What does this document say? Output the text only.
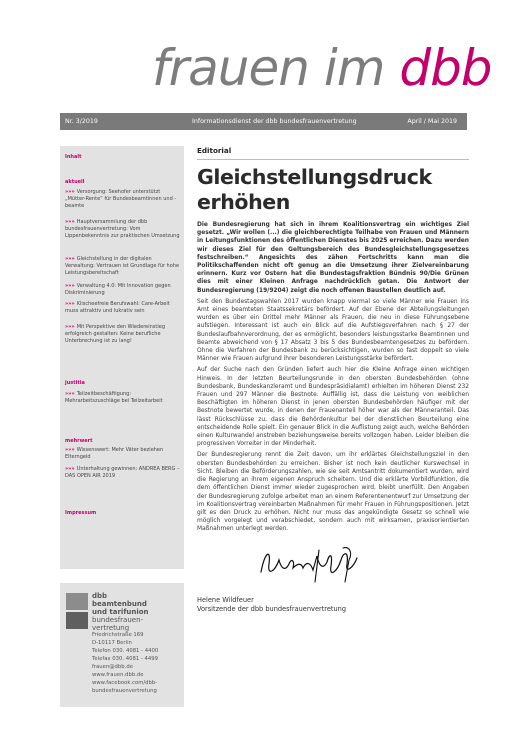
frauen im dbb
Nr. 3/2019	Informationsdienst der dbb bundesfrauenvertretung	April / Mai 2019
Inhalt
aktuell
»»» Versorgung: Seehofer unterstützt „Mütter-Rente“ für Bundesbeamtinnen und -beamte
»»» Hauptversammlung der dbb bundesfrauenvertretung: Vom Lippenbekenntnis zur praktischen Umsetzung
»»» Gleichstellung in der digitalen Verwaltung: Vertrauen ist Grundlage für hohe Leistungsbereitschaft
»»» Verwaltung 4.0: Mit Innovation gegen Diskriminierung
»»» Klischeefreie Berufswahl: Care-Arbeit muss attraktiv und lukrativ sein
»»» Mit Perspektive den Wiedereinstieg erfolgreich gestalten: Keine berufliche Unterbrechung ist zu lang!
justitia
»»» Teilzeitbeschäftigung: Mehrarbeitszuschläge bei Teilzeitarbeit
mehrwert
»»» Wissenswert: Mehr Väter beziehen Elterngeld
»»» Unterhaltung gewinnen: ANDREA BERG – DAS OPEN AIR 2019
Impressum
dbb
beamtenbund
und tarifunion

bundesfrauen-
vertretung
Friedrichstraße 169
D-10117 Berlin
Telefon 030. 4081 - 4400
Telefax 030. 4081 - 4499
frauen@dbb.de
www.frauen.dbb.de
www.facebook.com/dbb-
bundesfrauenvertretung
Editorial
Gleichstellungsdruck
erhöhen

Die Bundesregierung hat sich in ihrem Koalitionsvertrag ein wichtiges Ziel gesetzt. „Wir wollen (...) die gleichberechtigte Teilhabe von Frauen und Männern in Leitungsfunktionen des öffentlichen Dienstes bis 2025 erreichen. Dazu werden wir dieses Ziel für den Geltungsbereich des Bundesgleichstellungsgesetzes festschreiben.“ Angesichts des zähen Fortschritts kann man die Politikschaffenden nicht oft genug an die Umsetzung ihrer Zielvereinbarung erinnern. Kurz vor Ostern hat die Bundestagsfraktion Bündnis 90/Die Grünen dies mit einer Kleinen Anfrage nachdrücklich getan. Die Antwort der Bundesregierung (19/9204) zeigt die noch offenen Baustellen deutlich auf.

Seit den Bundestagswahlen 2017 wurden knapp viermal so viele Männer wie Frauen ins Amt eines beamteten Staatssekretärs befördert. Auf der Ebene der Abteilungsleitungen wurden es über ein Drittel mehr Männer als Frauen, die neu in diese Führungsebene aufstiegen. Interessant ist auch ein Blick auf die Aufstiegsverfahren nach § 27 der Bundeslaufbahnverordnung, der es ermöglicht, besonders leistungsstarke Beamtinnen und Beamte abweichend von § 17 Absatz 3 bis 5 des Bundesbeamtengesetzes zu befördern. Ohne die Verfahren der Bundesbank zu berücksichtigen, wurden so fast doppelt so viele Männer wie Frauen aufgrund ihrer besonderen Leistungsstärke befördert.

Auf der Suche nach den Gründen liefert auch hier die Kleine Anfrage einen wichtigen Hinweis. In der letzten Beurteilungsrunde in den obersten Bundesbehörden (ohne Bundesbank, Bundeskanzleramt und Bundespräsidialamt) erhielten im höheren Dienst 232 Frauen und 297 Männer die Bestnote. Auffällig ist, dass die Leistung von weiblichen Beschäftigten im höheren Dienst in jenen obersten Bundesbehörden häufiger mit der Bestnote bewertet wurde, in denen der Frauenanteil höher war als der Männeranteil. Das lässt Rückschlüsse zu, dass die Behördenkultur bei der dienstlichen Beurteilung eine entscheidende Rolle spielt. Ein genauer Blick in die Auflistung zeigt auch, welche Behörden einen Kulturwandel anstreben beziehungsweise bereits vollzogen haben. Leider bleiben die progressiven Vorreiter in der Minderheit.

Der Bundesregierung rennt die Zeit davon, um ihr erklärtes Gleichstellungsziel in den obersten Bundesbehörden zu erreichen. Bisher ist noch kein deutlicher Kurswechsel in Sicht. Bleiben die Beförderungszahlen, wie sie seit Amtsantritt dokumentiert wurden, wird die Regierung an ihrem eigenen Anspruch scheitern. Und die erklärte Vorbildfunktion, die dem öffentlichen Dienst immer wieder zugesprochen wird, bleibt unerfüllt. Den Angaben der Bundesregierung zufolge arbeitet man an einem Referentenentwurf zur Umsetzung der im Koalitionsvertrag vereinbarten Maßnahmen für mehr Frauen in Führungspositionen. Jetzt gilt es den Druck zu erhöhen. Nicht nur muss das angekündigte Gesetz so schnell wie möglich vorgelegt und verabschiedet, sondern auch mit wirksamen, praxisorientierten Maßnahmen unterlegt werden.

Helene Wildfeuer
Vorsitzende der dbb bundesfrauenvertretung
